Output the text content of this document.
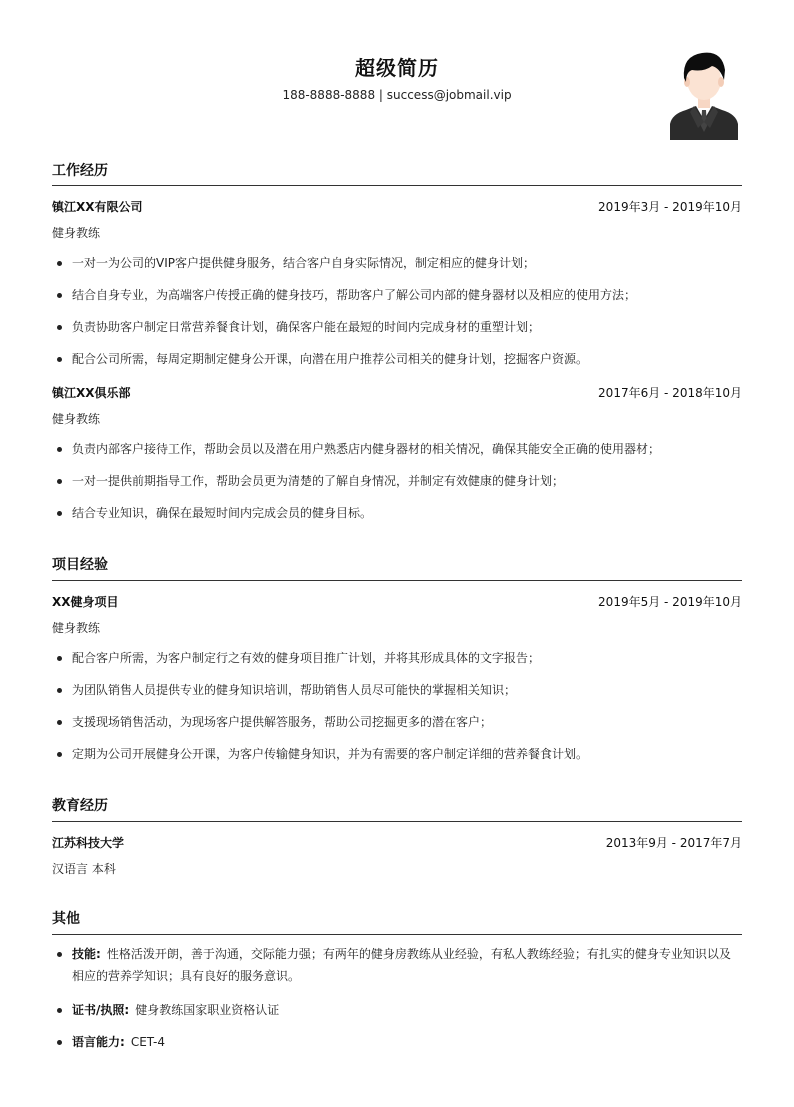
超级简历
188-8888-8888 | success@jobmail.vip
工作经历
镇江XX有限公司	2019年3月 - 2019年10月
健身教练
一对一为公司的VIP客户提供健身服务，结合客户自身实际情况，制定相应的健身计划；
结合自身专业，为高端客户传授正确的健身技巧，帮助客户了解公司内部的健身器材以及相应的使用方法；
负责协助客户制定日常营养餐食计划，确保客户能在最短的时间内完成身材的重塑计划；
配合公司所需，每周定期制定健身公开课，向潜在用户推荐公司相关的健身计划，挖掘客户资源。
镇江XX俱乐部	2017年6月 - 2018年10月
健身教练
负责内部客户接待工作，帮助会员以及潜在用户熟悉店内健身器材的相关情况，确保其能安全正确的使用器材；
一对一提供前期指导工作，帮助会员更为清楚的了解自身情况，并制定有效健康的健身计划；
结合专业知识，确保在最短时间内完成会员的健身目标。
项目经验
XX健身项目	2019年5月 - 2019年10月
健身教练
配合客户所需，为客户制定行之有效的健身项目推广计划，并将其形成具体的文字报告；
为团队销售人员提供专业的健身知识培训，帮助销售人员尽可能快的掌握相关知识；
支援现场销售活动，为现场客户提供解答服务，帮助公司挖掘更多的潜在客户；
定期为公司开展健身公开课，为客户传输健身知识，并为有需要的客户制定详细的营养餐食计划。
教育经历
江苏科技大学	2013年9月 - 2017年7月
汉语言 本科
其他
技能: 性格活泼开朗，善于沟通，交际能力强；有两年的健身房教练从业经验，有私人教练经验；有扎实的健身专业知识以及相应的营养学知识；具有良好的服务意识。
证书/执照: 健身教练国家职业资格认证
语言能力: CET-4
